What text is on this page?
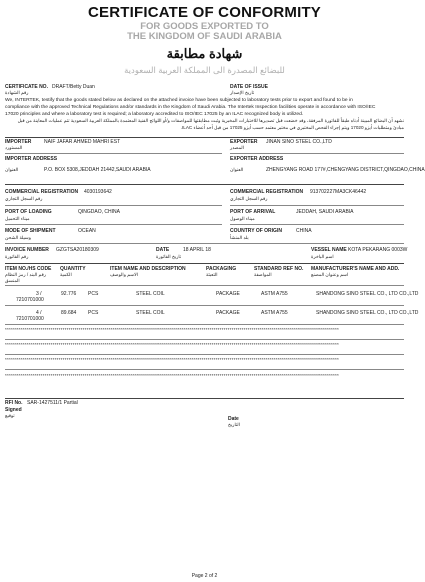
CERTIFICATE OF CONFORMITY
FOR GOODS EXPORTED TO
THE KINGDOM OF SAUDI ARABIA
شهادة مطابقة
للبضائع المصدرة الى المملكة العربية السعودية
CERTIFICATE NO. DRAFT/Betty Duan
رقم الشهادة
DATE OF ISSUE
تاريخ الإصدار
We, INTERTEK, testify that the goods stated below as declared on the attached invoice have been subjected to laboratory tests prior to export and found to be in
compliance with the approved Technical Regulations and/or standards in the Kingdom of Saudi Arabia. The Intertek Inspection facilities operate in accordance with ISO/IEC
17020 principles and where a laboratory test is required; a laboratory accredited to ISO/IEC 17025 by an ILAC recognized body is utilized.
نشهد أن البضائع المبينة أدناه طبقاً للفاتورة المرفقة، وقد خضعت قبل تصديرها للاختبارات المخبرية وثبت مطابقتها للمواصفات و/أو اللوائح الفنية المعتمدة بالمملكة العربية السعودية تتم عمليات المعاينة من قبل
مبادئ ومتطلبات أيزو 17020 ويتم إجراء الفحص المختبري في مختبر معتمد حسب أيزو 17025 من قبل أحد أعضاء ILAC.
IMPORTER	NAIF JAFAR AHMED MAHRI EST
المستورد
EXPORTER JINAN SINO STEEL CO.,LTD
المصدر
IMPORTER ADDRESS
العنوان	P.O. BOX 5308,JEDDAH 21442,SAUDI ARABIA
EXPORTER ADDRESS
العنوان	ZHENGYANG ROAD 177#,CHENGYANG DISTRICT,QINGDAO,CHINA
COMMERCIAL REGISTRATION 4030193642
رقم السجل التجاري
COMMERCIAL REGISTRATION 913702227MA3CK46442
رقم السجل التجاري
PORT OF LOADING	QINGDAO, CHINA
ميناء التحميل
PORT OF ARRIVAL	JEDDAH, SAUDI ARABIA
ميناء الوصول
MODE OF SHIPMENT	OCEAN
وسيلة الشحن
COUNTRY OF ORIGIN	CHINA
بلد المنشأ
INVOICE NUMBER GZGTSA20180309
رقم الفاتورة
DATE	18 APRIL 18
تاريخ الفاتورة
VESSEL NAME KOTA PEKARANG 0003W
اسم الباخرة
ITEM NO./HS CODE QUANTITY	ITEM NAME AND DESCRIPTION	PACKAGING	STANDARD REF NO. MANUFACTURER'S NAME AND ADD.
رقم البند / رمز النظام المنسق
الكمية	الاسم والوصف	التعبئة	المواصفة	اسم وعنوان المصنع
3 /
7210701000
92.776 PCS	STEEL COIL	PACKAGE	ASTM A755	SHANDONG SINO STEEL CO., LTD CO.,LTD
4 /
7210701000
89.684 PCS	STEEL COIL	PACKAGE	ASTM A755	SHANDONG SINO STEEL CO., LTD CO.,LTD
************************************************************************************************************************************************************************
************************************************************************************************************************************************************************
************************************************************************************************************************************************************************
************************************************************************************************************************************************************************
RFI No. SAR-1427511/1 Partial
Signed
توقيع
Date
التاريخ
Page 2 of 2
